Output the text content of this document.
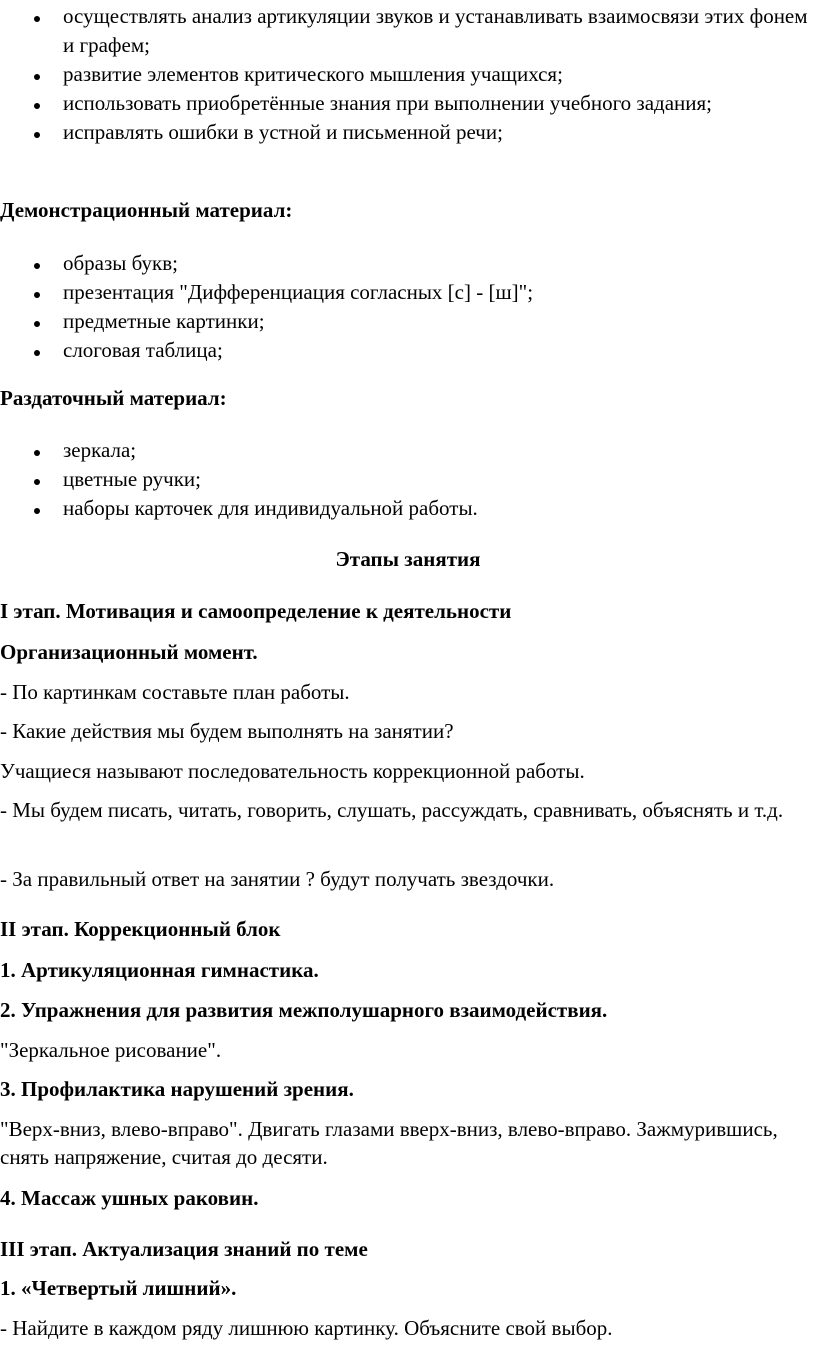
осуществлять анализ артикуляции звуков и устанавливать взаимосвязи этих фонем и графем;
развитие элементов критического мышления учащихся;
использовать приобретённые знания при выполнении учебного задания;
исправлять ошибки в устной и письменной речи;
Демонстрационный материал:
образы букв;
презентация "Дифференциация согласных [с] - [ш]";
предметные картинки;
слоговая таблица;
Раздаточный материал:
зеркала;
цветные ручки;
наборы карточек для индивидуальной работы.
Этапы занятия
I этап. Мотивация и самоопределение к деятельности
Организационный момент.
- По картинкам составьте план работы.
- Какие действия мы будем выполнять на занятии?
Учащиеся называют последовательность коррекционной работы.
- Мы будем писать, читать, говорить, слушать, рассуждать, сравнивать, объяснять и т.д.
- За правильный ответ на занятии ? будут получать звездочки.
II этап. Коррекционный блок
1. Артикуляционная гимнастика.
2. Упражнения для развития межполушарного взаимодействия.
"Зеркальное рисование".
3. Профилактика нарушений зрения.
"Верх-вниз, влево-вправо". Двигать глазами вверх-вниз, влево-вправо. Зажмурившись, снять напряжение, считая до десяти.
4. Массаж ушных раковин.
III этап. Актуализация знаний по теме
1. «Четвертый лишний».
- Найдите в каждом ряду лишнюю картинку. Объясните свой выбор.
